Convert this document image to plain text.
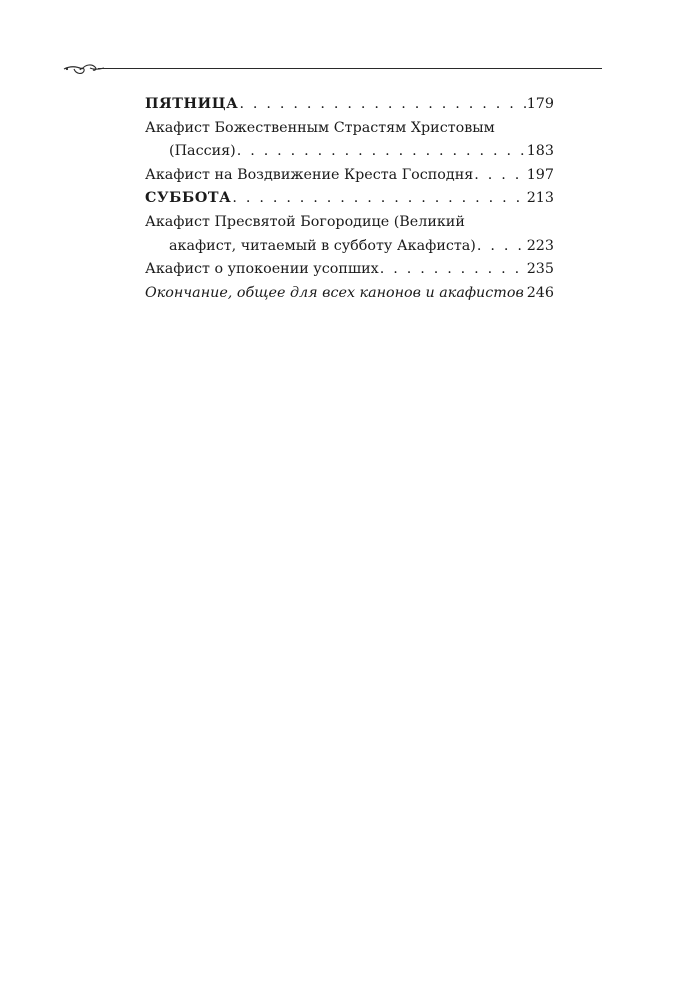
ПЯТНИЦА . . .	179
Акафист Божественным Страстям Христовым
(Пассия) . . .	183
Акафист на Воздвижение Креста Господня . . .	197
СУББОТА . . .	213
Акафист Пресвятой Богородице (Великий
акафист, читаемый в субботу Акафиста) . . .	223
Акафист о упокоении усопших . . .	235
Окончание, общее для всех канонов и акафистов . . . 246
